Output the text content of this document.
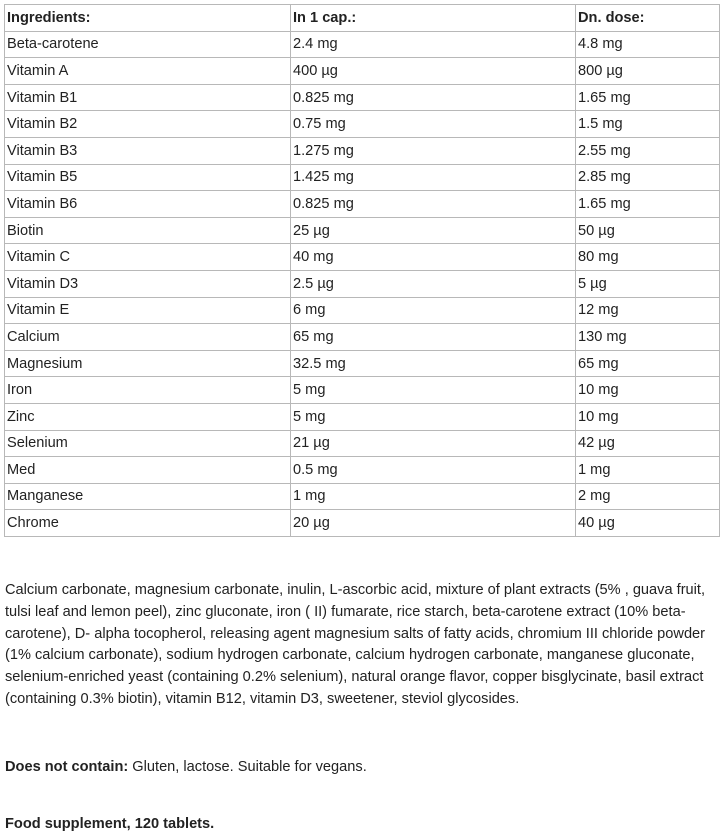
Ingredients:	In 1 cap.:	Dn. dose:
Beta-carotene	2.4 mg	4.8 mg
Vitamin A	400 µg	800 µg
Vitamin B1	0.825 mg	1.65 mg
Vitamin B2	0.75 mg	1.5 mg
Vitamin B3	1.275 mg	2.55 mg
Vitamin B5	1.425 mg	2.85 mg
Vitamin B6	0.825 mg	1.65 mg
Biotin	25 µg	50 µg
Vitamin C	40 mg	80 mg
Vitamin D3	2.5 µg	5 µg
Vitamin E	6 mg	12 mg
Calcium	65 mg	130 mg
Magnesium	32.5 mg	65 mg
Iron	5 mg	10 mg
Zinc	5 mg	10 mg
Selenium	21 µg	42 µg
Med	0.5 mg	1 mg
Manganese	1 mg	2 mg
Chrome	20 µg	40 µg

Calcium carbonate, magnesium carbonate, inulin, L-ascorbic acid, mixture of plant extracts (5% , guava fruit, tulsi leaf and lemon peel), zinc gluconate, iron ( II) fumarate, rice starch, beta-carotene extract (10% beta-carotene), D- alpha tocopherol, releasing agent magnesium salts of fatty acids, chromium III chloride powder (1% calcium carbonate), sodium hydrogen carbonate, calcium hydrogen carbonate, manganese gluconate, selenium-enriched yeast (containing 0.2% selenium), natural orange flavor, copper bisglycinate, basil extract (containing 0.3% biotin), vitamin B12, vitamin D3, sweetener, steviol glycosides.

Does not contain: Gluten, lactose. Suitable for vegans.

Food supplement, 120 tablets.
